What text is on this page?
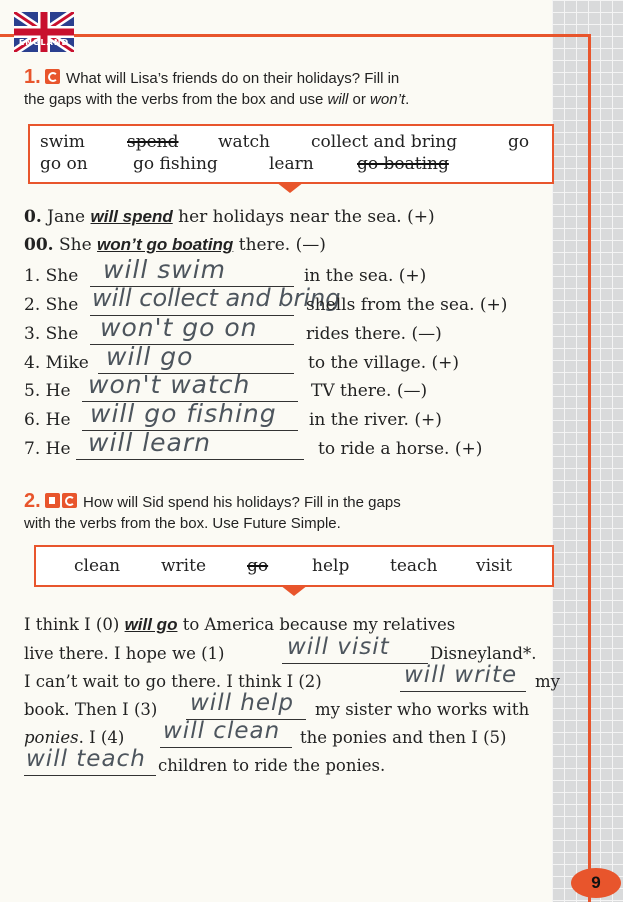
ENGLAND
1. What will Lisa’s friends do on their holidays? Fill in
the gaps with the verbs from the box and use will or won’t.
swim spend watch collect and bring	go
go on	go fishing	learn	go boating
0. Jane will spend her holidays near the sea. (+)
00. She won’t go boating there. (—)
1. She will swim	in the sea. (+)
2. She will collect and bring
shells from the sea. (+)
3. She won't go on	rides there. (—)
4. Mike will go	to the village. (+)
5. He won't watch	TV there. (—)
6. He will go fishing in the river. (+)
7. He will learn	to ride a horse. (+)
2.	How will Sid spend his holidays? Fill in the gaps
with the verbs from the box. Use Future Simple.
clean write go	help teach visit
I think I (0) will go to America because my relatives
live there. I hope we (1)	will visit Disneyland*.
I can’t wait to go there. I think I (2)	will write my
book. Then I (3) will help my sister who works with
ponies. I (4) will clean the ponies and then I (5)
will teach children to ride the ponies.
9
